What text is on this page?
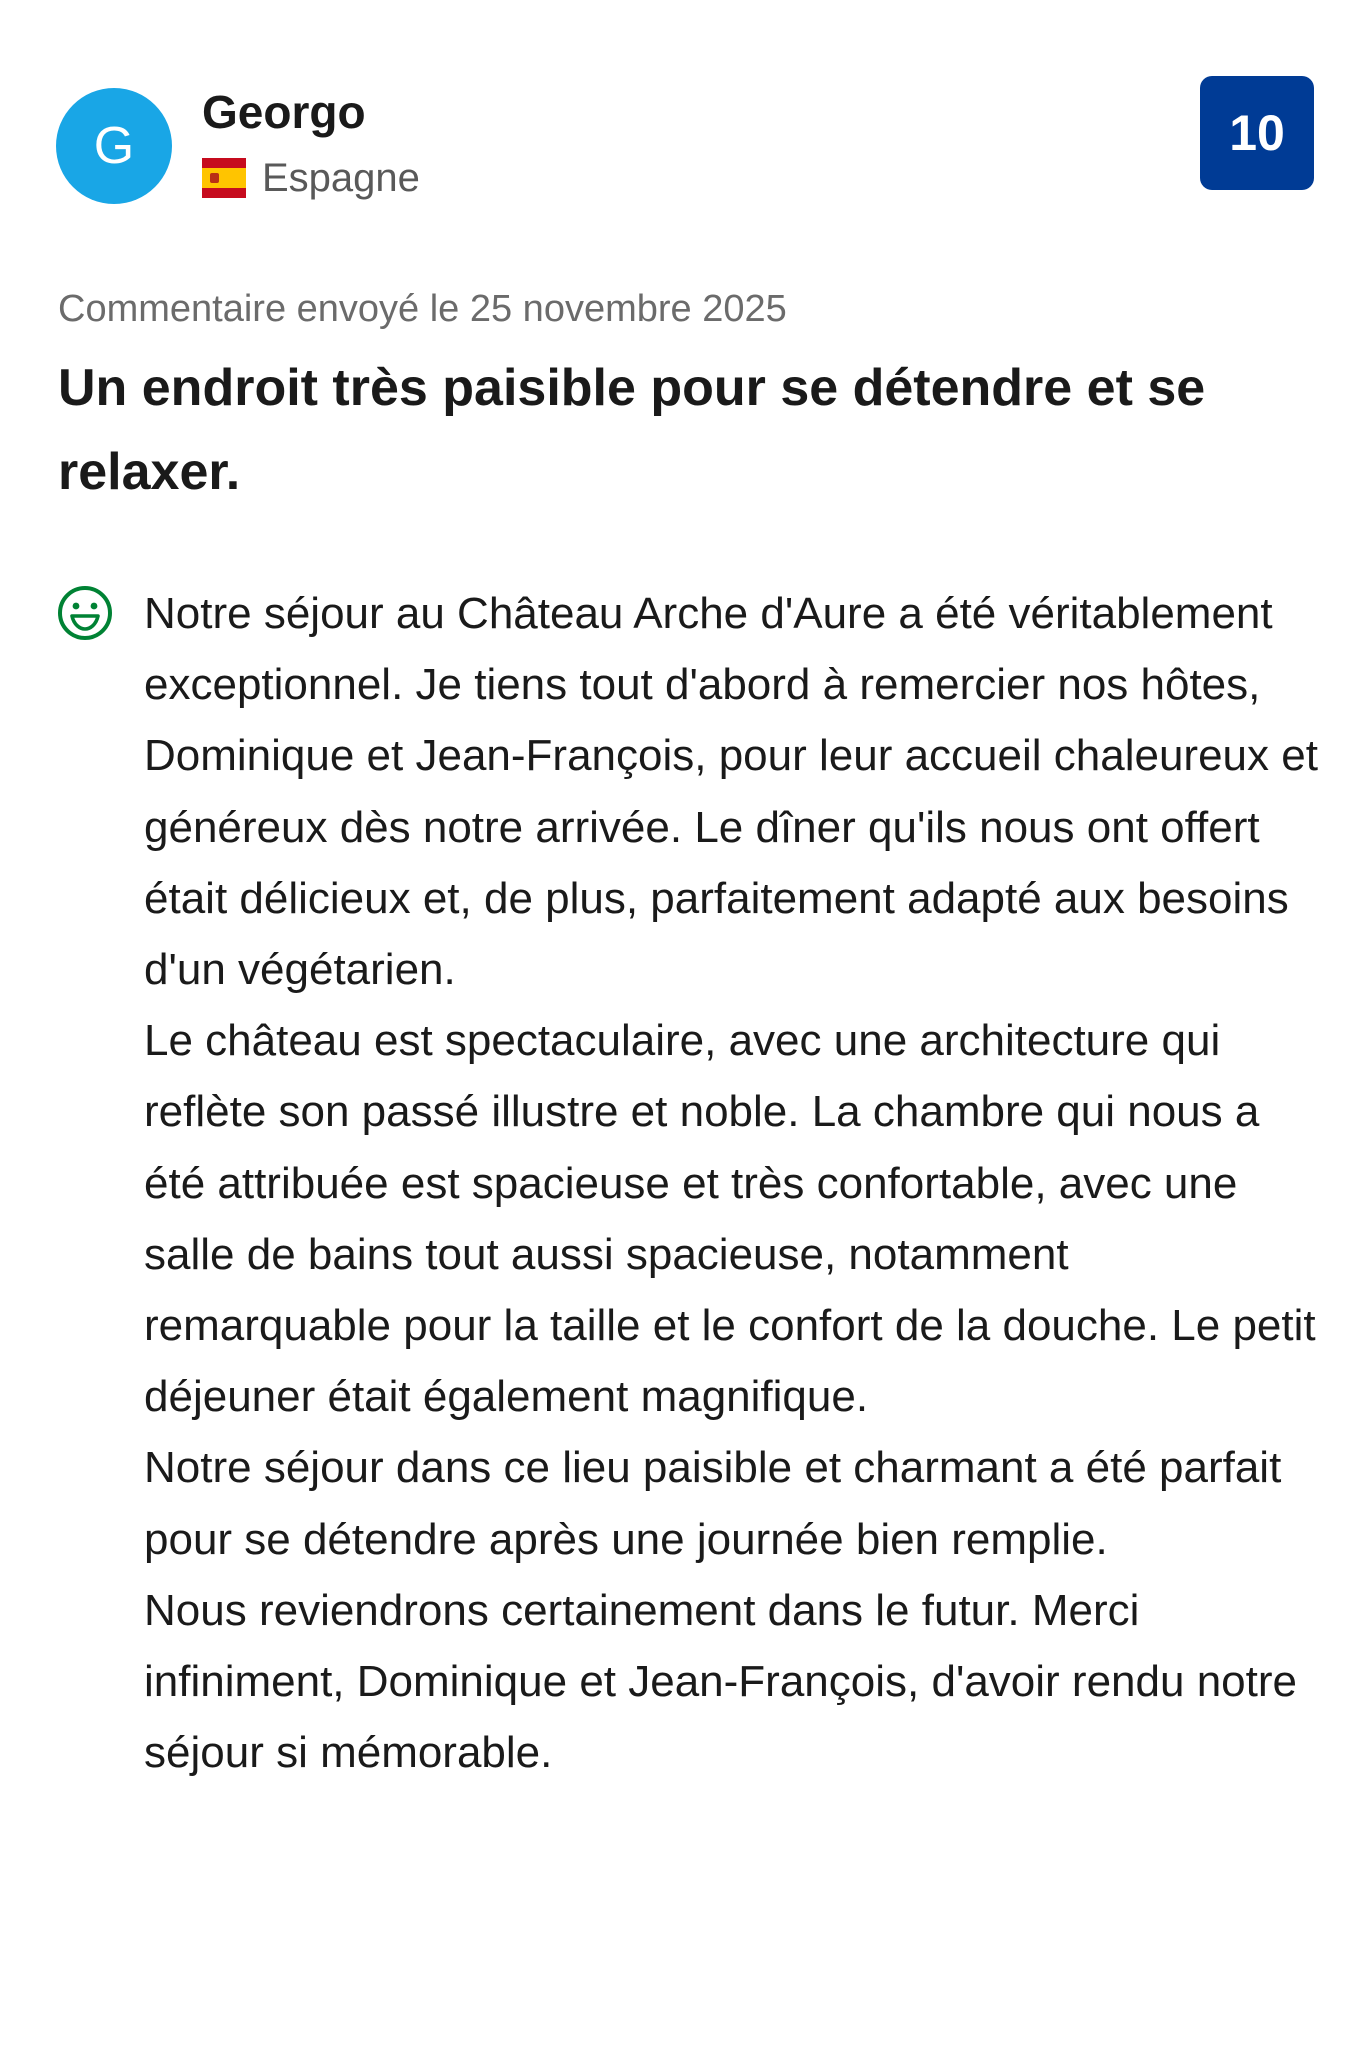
G
Georgo
Espagne
10
Commentaire envoyé le 25 novembre 2025
Un endroit très paisible pour se détendre et se relaxer.
Notre séjour au Château Arche d'Aure a été véritablement exceptionnel. Je tiens tout d'abord à remercier nos hôtes, Dominique et Jean-François, pour leur accueil chaleureux et généreux dès notre arrivée. Le dîner qu'ils nous ont offert était délicieux et, de plus, parfaitement adapté aux besoins d'un végétarien.
Le château est spectaculaire, avec une architecture qui reflète son passé illustre et noble. La chambre qui nous a été attribuée est spacieuse et très confortable, avec une salle de bains tout aussi spacieuse, notamment remarquable pour la taille et le confort de la douche. Le petit déjeuner était également magnifique.
Notre séjour dans ce lieu paisible et charmant a été parfait pour se détendre après une journée bien remplie.
Nous reviendrons certainement dans le futur. Merci infiniment, Dominique et Jean-François, d'avoir rendu notre séjour si mémorable.
